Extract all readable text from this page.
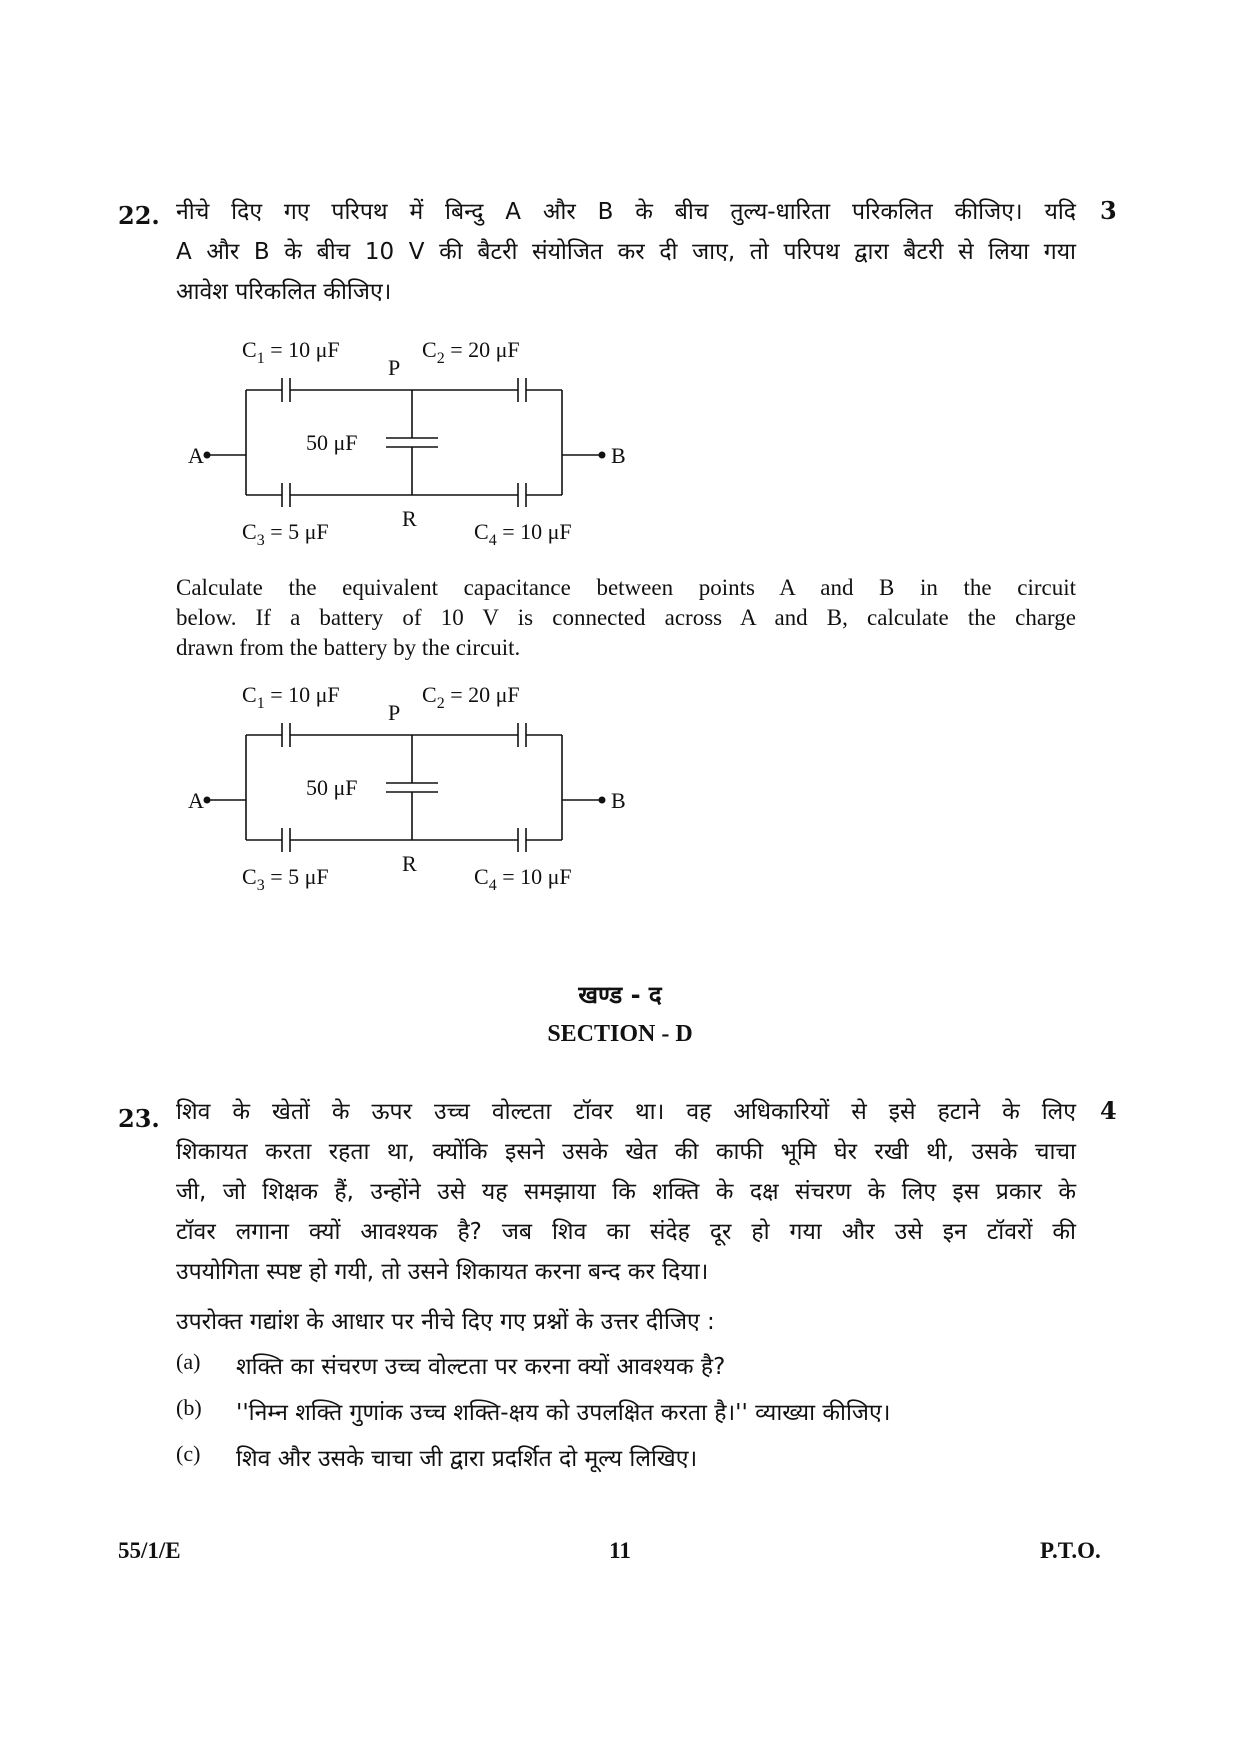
22.	3
नीचे दिए गए परिपथ में बिन्दु A और B के बीच तुल्य-धारिता परिकलित कीजिए। यदि
A और B के बीच 10 V की बैटरी संयोजित कर दी जाए, तो परिपथ द्वारा बैटरी से लिया गया
आवेश परिकलित कीजिए।
$C_1 = 10$ μF
P
$C_2 = 20$ μF
A
50 μF
B
$C_3 = 5$ μF
R
$C_4 = 10$ μF
Calculate the equivalent capacitance between points A and B in the circuit
below. If a battery of 10 V is connected across A and B, calculate the charge
drawn from the battery by the circuit.
$C_1 = 10$ μF
P
$C_2 = 20$ μF
A
50 μF
B
$C_3 = 5$ μF
R
$C_4 = 10$ μF
खण्ड - द
SECTION - D
23.	4
शिव के खेतों के ऊपर उच्च वोल्टता टॉवर था। वह अधिकारियों से इसे हटाने के लिए
शिकायत करता रहता था, क्योंकि इसने उसके खेत की काफी भूमि घेर रखी थी, उसके चाचा
जी, जो शिक्षक हैं, उन्होंने उसे यह समझाया कि शक्ति के दक्ष संचरण के लिए इस प्रकार के
टॉवर लगाना क्यों आवश्यक है? जब शिव का संदेह दूर हो गया और उसे इन टॉवरों की
उपयोगिता स्पष्ट हो गयी, तो उसने शिकायत करना बन्द कर दिया।
उपरोक्त गद्यांश के आधार पर नीचे दिए गए प्रश्नों के उत्तर दीजिए :
(a)	शक्ति का संचरण उच्च वोल्टता पर करना क्यों आवश्यक है?
(b)	''निम्न शक्ति गुणांक उच्च शक्ति-क्षय को उपलक्षित करता है।'' व्याख्या कीजिए।
(c)	शिव और उसके चाचा जी द्वारा प्रदर्शित दो मूल्य लिखिए।
55/1/E	11	P.T.O.
